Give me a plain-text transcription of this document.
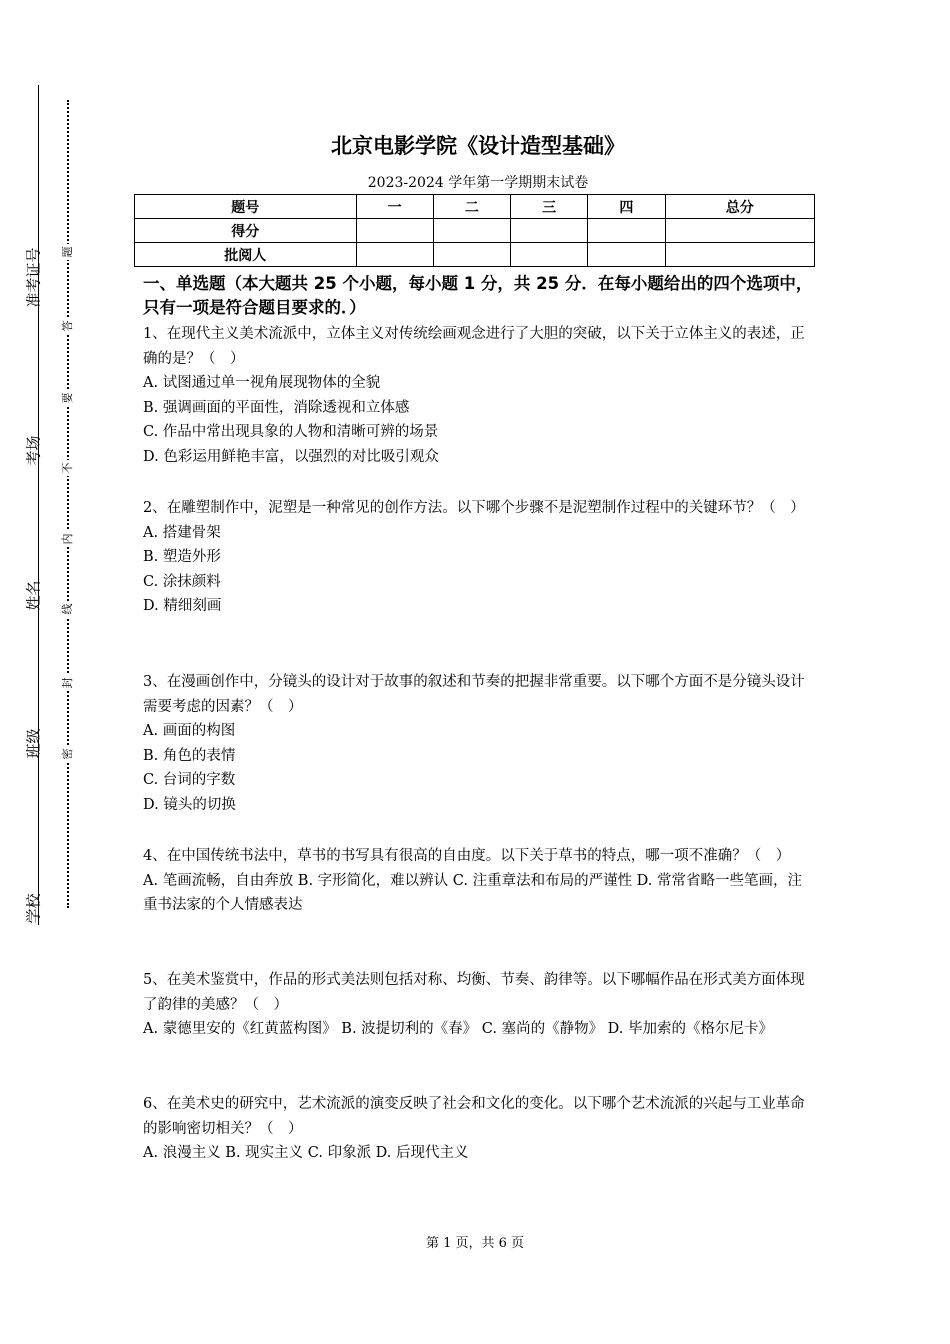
准考证号
考场
姓名
班级
学校
题
答
要
不
内
线
封
密
北京电影学院《设计造型基础》
2023-2024 学年第一学期期末试卷
题号	一	二	三	四	总分
得分					
批阅人					
一、单选题（本大题共 25 个小题，每小题 1 分，共 25 分．在每小题给出的四个选项中，只有一项是符合题目要求的．）

1、在现代主义美术流派中，立体主义对传统绘画观念进行了大胆的突破，以下关于立体主义的表述，正确的是？（　）

A. 试图通过单一视角展现物体的全貌
B. 强调画面的平面性，消除透视和立体感
C. 作品中常出现具象的人物和清晰可辨的场景
D. 色彩运用鲜艳丰富，以强烈的对比吸引观众

2、在雕塑制作中，泥塑是一种常见的创作方法。以下哪个步骤不是泥塑制作过程中的关键环节？（　）

A. 搭建骨架
B. 塑造外形
C. 涂抹颜料
D. 精细刻画

3、在漫画创作中，分镜头的设计对于故事的叙述和节奏的把握非常重要。以下哪个方面不是分镜头设计需要考虑的因素？（　）

A. 画面的构图
B. 角色的表情
C. 台词的字数
D. 镜头的切换

4、在中国传统书法中，草书的书写具有很高的自由度。以下关于草书的特点，哪一项不准确？（　）

A. 笔画流畅，自由奔放 B. 字形简化，难以辨认 C. 注重章法和布局的严谨性 D. 常常省略一些笔画，注重书法家的个人情感表达

5、在美术鉴赏中，作品的形式美法则包括对称、均衡、节奏、韵律等。以下哪幅作品在形式美方面体现了韵律的美感？（　）

A. 蒙德里安的《红黄蓝构图》 B. 波提切利的《春》 C. 塞尚的《静物》 D. 毕加索的《格尔尼卡》

6、在美术史的研究中，艺术流派的演变反映了社会和文化的变化。以下哪个艺术流派的兴起与工业革命的影响密切相关？（　）

A. 浪漫主义 B. 现实主义 C. 印象派 D. 后现代主义

第 1 页，共 6 页
